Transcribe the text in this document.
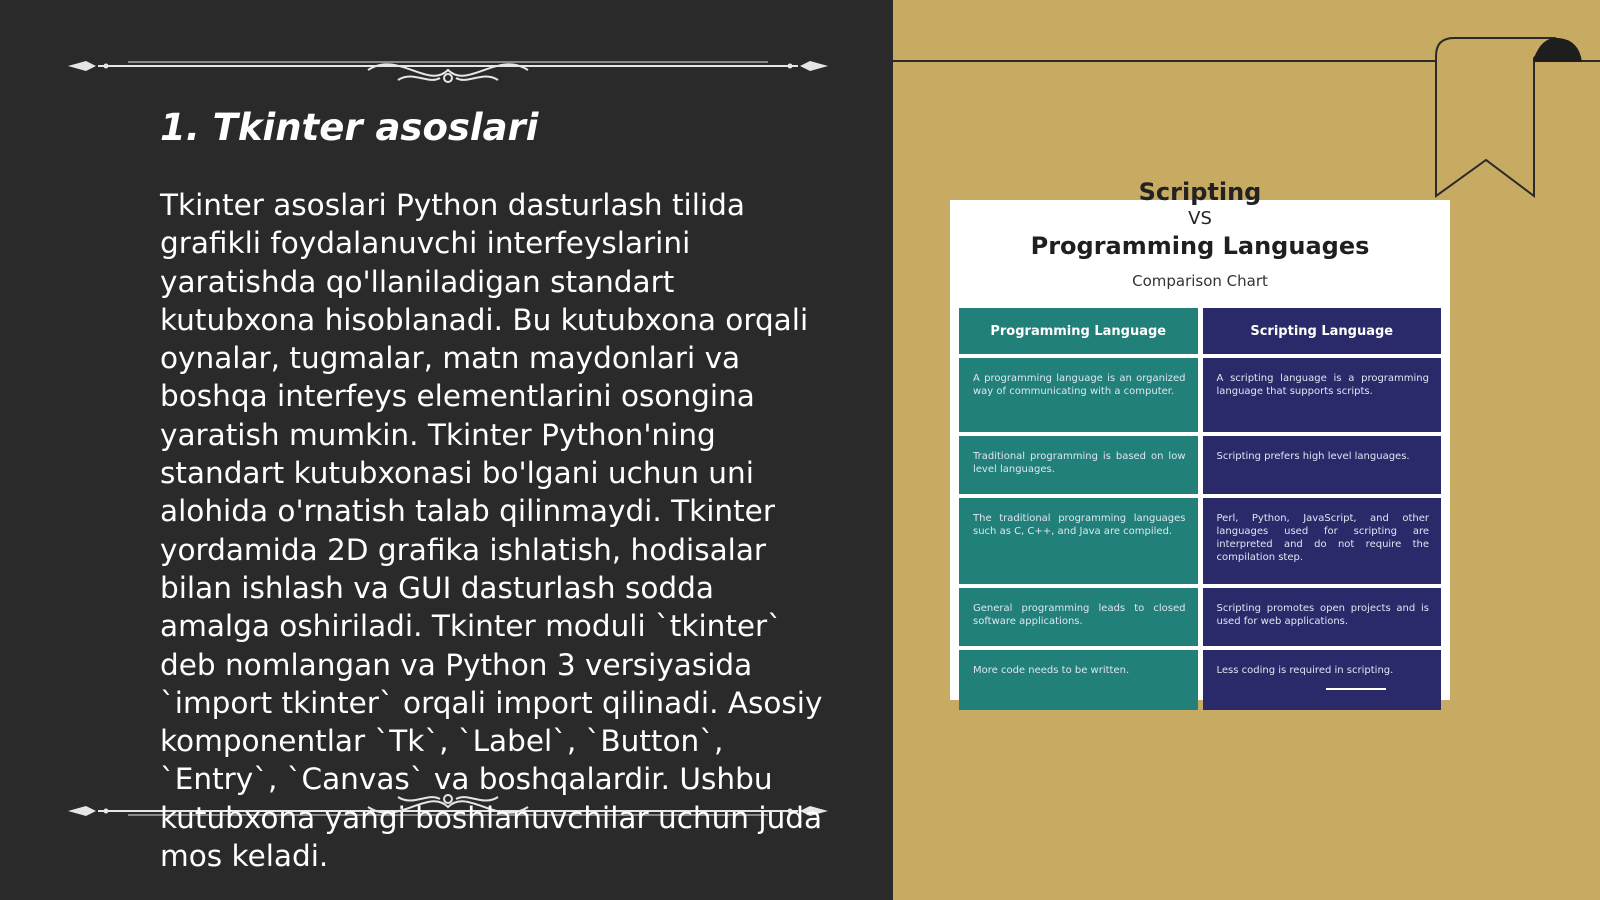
1. Tkinter asoslari

Tkinter asoslari Python dasturlash tilida grafikli foydalanuvchi interfeyslarini yaratishda qo'llaniladigan standart kutubxona hisoblanadi. Bu kutubxona orqali oynalar, tugmalar, matn maydonlari va boshqa interfeys elementlarini osongina yaratish mumkin. Tkinter Python'ning standart kutubxonasi bo'lgani uchun uni alohida o'rnatish talab qilinmaydi. Tkinter yordamida 2D grafika ishlatish, hodisalar bilan ishlash va GUI dasturlash sodda amalga oshiriladi. Tkinter moduli `tkinter` deb nomlangan va Python 3 versiyasida `import tkinter` orqali import qilinadi. Asosiy komponentlar `Tk`, `Label`, `Button`, `Entry`, `Canvas` va boshqalardir. Ushbu kutubxona yangi boshlanuvchilar uchun juda mos keladi.

Scripting
VS
Programming Languages
Comparison Chart
Programming Language	Scripting Language
A programming language is an organized way of communicating with a computer.	A scripting language is a programming language that supports scripts.
Traditional programming is based on low level languages.	Scripting prefers high level languages.
The traditional programming languages such as C, C++, and Java are compiled.	Perl, Python, JavaScript, and other languages used for scripting are interpreted and do not require the compilation step.
General programming leads to closed software applications.	Scripting promotes open projects and is used for web applications.
More code needs to be written.	Less coding is required in scripting.
